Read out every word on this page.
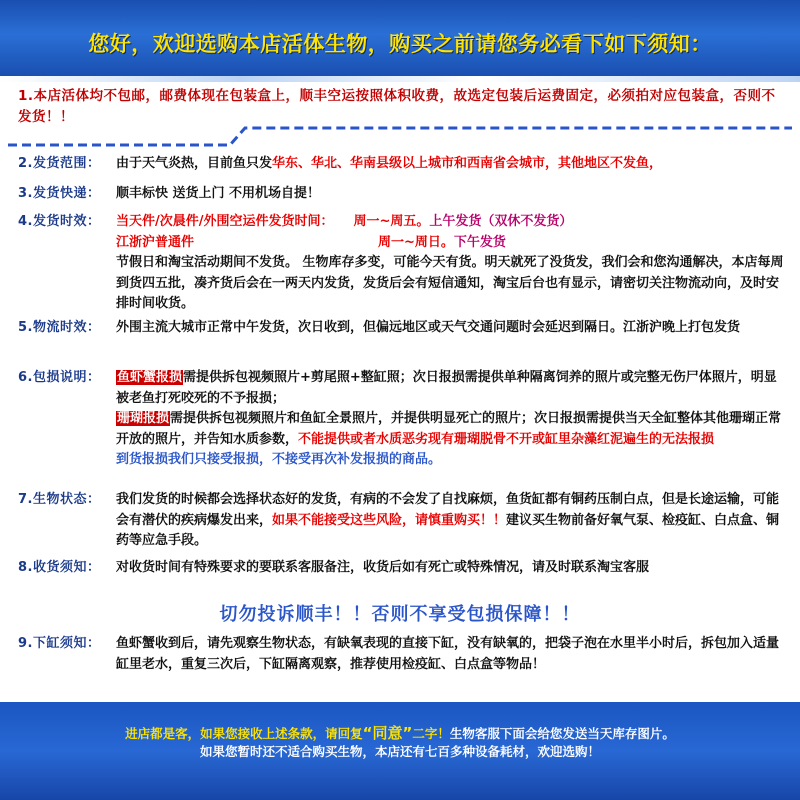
您好，欢迎选购本店活体生物，购买之前请您务必看下如下须知：
1.本店活体均不包邮，邮费体现在包装盒上，顺丰空运按照体积收费，故选定包装后运费固定，必须拍对应包装盒，否则不发货！！
2.发货范围：	由于天气炎热，目前鱼只发华东、华北、华南县级以上城市和西南省会城市，其他地区不发鱼，
3.发货快递：	顺丰标快 送货上门 不用机场自提！
4.发货时效：	当天件/次晨件/外围空运件发货时间： 周一~周五。上午发货（双休不发货）
江浙沪普通件	周一~周日。下午发货
节假日和淘宝活动期间不发货。 生物库存多变，可能今天有货。明天就死了没货发，我们会和您沟通解决，本店每周到货四五批，凑齐货后会在一两天内发货，发货后会有短信通知，淘宝后台也有显示，请密切关注物流动向，及时安排时间收货。
5.物流时效：	外围主流大城市正常中午发货，次日收到，但偏远地区或天气交通问题时会延迟到隔日。江浙沪晚上打包发货
6.包损说明：	鱼虾蟹报损需提供拆包视频照片+剪尾照+整缸照；次日报损需提供单种隔离饲养的照片或完整无伤尸体照片，明显被老鱼打死咬死的不予报损；
珊瑚报损需提供拆包视频照片和鱼缸全景照片，并提供明显死亡的照片；次日报损需提供当天全缸整体其他珊瑚正常开放的照片，并告知水质参数，不能提供或者水质恶劣现有珊瑚脱骨不开或缸里杂藻红泥遍生的无法报损
到货报损我们只接受报损，不接受再次补发报损的商品。
7.生物状态：	我们发货的时候都会选择状态好的发货，有病的不会发了自找麻烦，鱼货缸都有铜药压制白点，但是长途运输，可能会有潜伏的疾病爆发出来，如果不能接受这些风险，请慎重购买！！建议买生物前备好氧气泵、检疫缸、白点盒、铜药等应急手段。
8.收货须知：	对收货时间有特殊要求的要联系客服备注，收货后如有死亡或特殊情况，请及时联系淘宝客服
切勿投诉顺丰！！否则不享受包损保障！！
9.下缸须知：	鱼虾蟹收到后，请先观察生物状态，有缺氧表现的直接下缸，没有缺氧的，把袋子泡在水里半小时后，拆包加入适量缸里老水，重复三次后，下缸隔离观察，推荐使用检疫缸、白点盒等物品！
进店都是客，如果您接收上述条款，请回复“同意”二字！生物客服下面会给您发送当天库存图片。
如果您暂时还不适合购买生物，本店还有七百多种设备耗材，欢迎选购！
